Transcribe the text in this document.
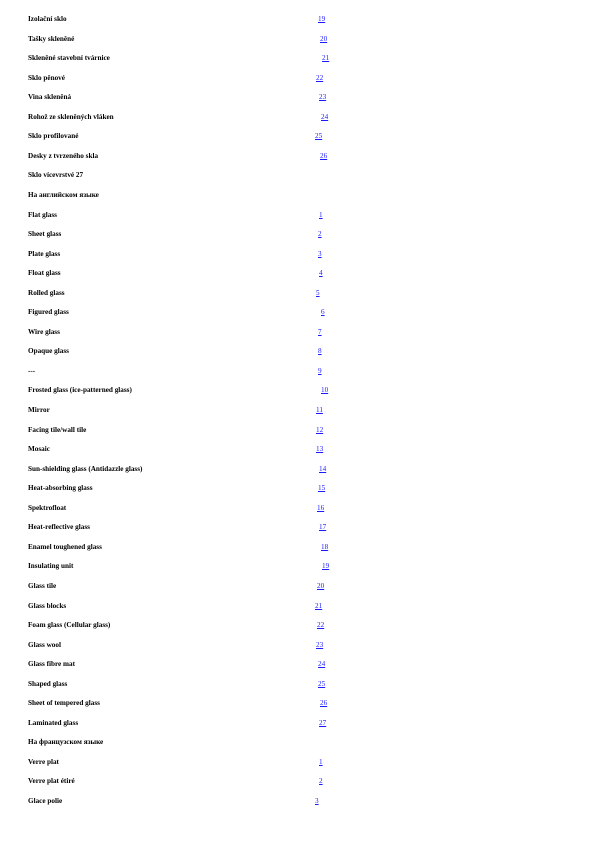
Izolační sklo	19
Tašky skleněné	20
Skleněné stavební tvárnice	21
Sklo pěnové	22
Vina skleněná	23
Rohož ze skleněných vláken	24
Sklo profilované	25
Desky z tvrzeného skla	26
Sklo vícevrstvé 27
На английском языке
Flat glass	1
Sheet glass	2
Plate glass	3
Float glass	4
Rolled glass	5
Figured glass	6
Wire glass	7
Opaque glass	8
---	9
Frosted glass (ice-patterned glass)	10
Mirror	11
Facing tile/wall tile	12
Mosaic	13
Sun-shielding glass (Antidazzle glass)	14
Heat-absorbing glass	15
Spektrofloat	16
Heat-reflective glass	17
Enamel toughened glass	18
Insulating unit	19
Glass tile	20
Glass blocks	21
Foam glass (Cellular glass)	22
Glass wool	23
Glass fibre mat	24
Shaped glass	25
Sheet of tempered glass	26
Laminated glass	27
На французском языке
Verre plat	1
Verre plat étiré	2
Glace polie	3
